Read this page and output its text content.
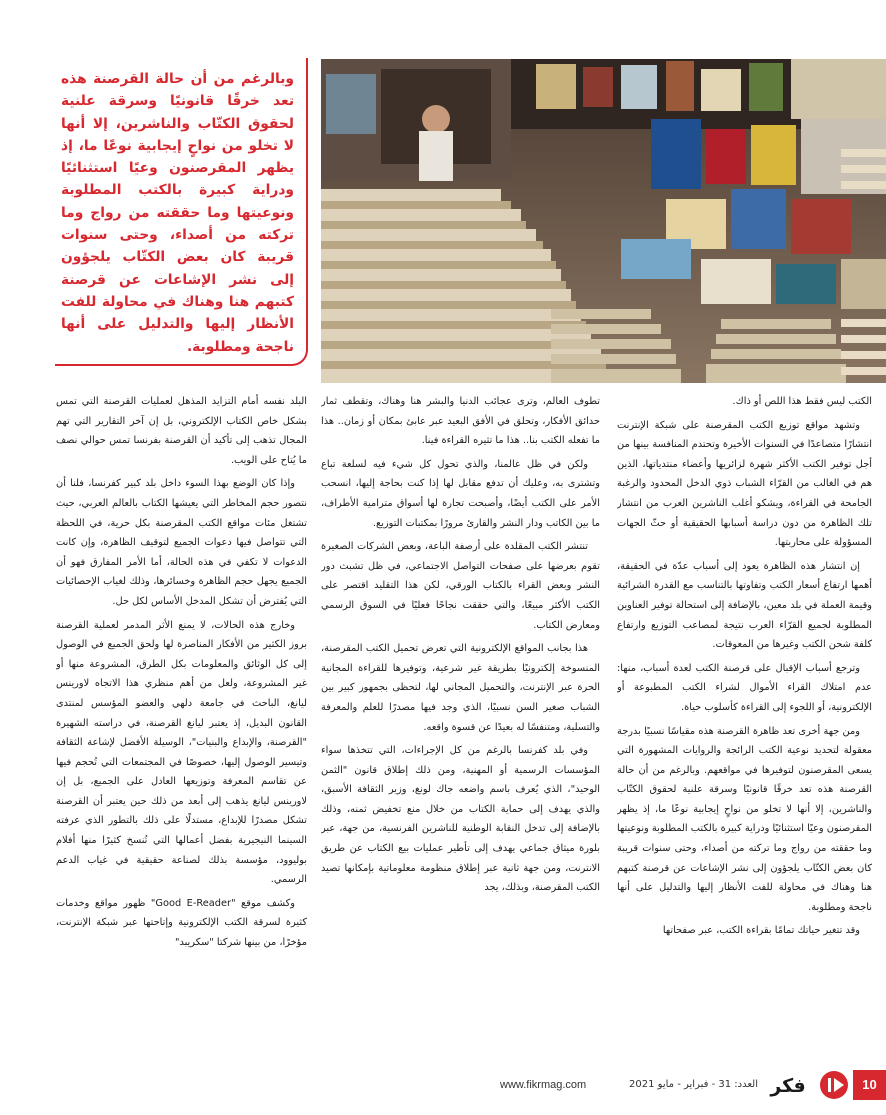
وبالرغم من أن حالة القرصنة هذه تعد خرقًا قانونيًا وسرقة علنية لحقوق الكتّاب والناشرين، إلا أنها لا تخلو من نواحٍ إيجابية نوعًا ما، إذ يظهر المقرصنون وعيًا استثنائيًا ودراية كبيرة بالكتب المطلوبة ونوعيتها وما حققته من رواج وما تركته من أصداء، وحتى سنوات قريبة كان بعض الكتّاب يلجؤون إلى نشر الإشاعات عن قرصنة كتبهم هنا وهناك في محاولة للفت الأنظار إليها والتدليل على أنها ناجحة ومطلوبة.

الكتب ليس فقط هذا اللص أو ذاك.

وتشهد مواقع توزيع الكتب المقرصنة على شبكة الإنترنت انتشارًا متصاعدًا في السنوات الأخيرة وتحتدم المنافسة بينها من أجل توفير الكتب الأكثر شهرة لزائريها وأعضاء منتدياتها، الذين هم في الغالب من القرّاء الشباب ذوي الدخل المحدود والرغبة الجامحة في القراءة، ويشكو أغلب الناشرين العرب من انتشار تلك الظاهرة من دون دراسة أسبابها الحقيقية أو حثّ الجهات المسؤولة على محاربتها.

إن انتشار هذه الظاهرة يعود إلى أسباب عدّة في الحقيقة، أهمها ارتفاع أسعار الكتب وتفاوتها بالتناسب مع القدرة الشرائية وقيمة العملة في بلد معين، بالإضافة إلى استحالة توفير العناوين المطلوبة لجميع القرّاء العرب نتيجة لمصاعب التوزيع وارتفاع كلفة شحن الكتب وغيرها من المعوقات.

وترجع أسباب الإقبال على قرصنة الكتب لعدة أسباب، منها: عدم امتلاك القراء الأموال لشراء الكتب المطبوعة أو الإلكترونية، أو اللجوء إلى القراءة كأسلوب حياة.

ومن جهة أخرى تعد ظاهرة القرصنة هذه مقياسًا نسبيًا بدرجة معقولة لتحديد نوعية الكتب الرائجة والروايات المشهورة التي يسعى المقرصنون لتوفيرها في مواقعهم. وبالرغم من أن حالة القرصنة هذه تعد خرقًا قانونيًا وسرقة علنية لحقوق الكتّاب والناشرين، إلا أنها لا تخلو من نواحٍ إيجابية نوعًا ما، إذ يظهر المقرصنون وعيًا استثنائيًا ودراية كبيرة بالكتب المطلوبة ونوعيتها وما حققته من رواج وما تركته من أصداء، وحتى سنوات قريبة كان بعض الكتّاب يلجؤون إلى نشر الإشاعات عن قرصنة كتبهم هنا وهناك في محاولة للفت الأنظار إليها والتدليل على أنها ناجحة ومطلوبة.

وقد تتغير حياتك تمامًا بقراءة الكتب، عبر صفحاتها

تطوف العالم، وترى عجائب الدنيا والبشر هنا وهناك، وتقطف ثمار حدائق الأفكار، وتحلق في الأفق البعيد عبر عابئ بمكان أو زمان.. هذا ما تفعله الكتب بنا.. هذا ما تثيره القراءة فينا.

ولكن في ظل عالمنا، والذي تحول كل شيء فيه لسلعة تباع وتشترى به، وعليك أن تدفع مقابل لها إذا كنت بحاجة إليها، انسحب الأمر على الكتب أيضًا، وأصبحت تجارة لها أسواق مترامية الأطراف، ما بين الكاتب ودار النشر والقارئ مرورًا بمكتبات التوزيع.

تنتشر الكتب المقلدة على أرصفة الباعة، وبعض الشركات الصغيرة تقوم بعرضها على صفحات التواصل الاجتماعي، في ظل تشبث دور النشر وبعض القراء بالكتاب الورقي، لكن هذا التقليد اقتصر على الكتب الأكثر مبيعًا، والتي حققت نجاحًا فعليًا في السوق الرسمي ومعارض الكتاب.

هذا بجانب المواقع الإلكترونية التي تعرض تحميل الكتب المقرصنة، المنسوخة إلكترونيًا بطريقة غير شرعية، وتوفيرها للقراءة المجانية الحرة عبر الإنترنت، والتحميل المجاني لها، لتحظى بجمهور كبير بين الشباب صغير السن نسبيًا، الذي وجد فيها مصدرًا للعلم والمعرفة والتسلية، ومتنفسًا له بعيدًا عن قسوة واقعه.

وفي بلد كفرنسا بالرغم من كل الإجراءات، التي تتخذها سواء المؤسسات الرسمية أو المهنية، ومن ذلك إطلاق قانون "الثمن الوحيد"، الذي يُعرف باسم واضعه جاك لونغ، وزير الثقافة الأسبق، والذي يهدف إلى حماية الكتاب من خلال منع تخفيض ثمنه، وذلك بالإضافة إلى تدخل النقابة الوطنية للناشرين الفرنسية، من جهة، عبر بلورة ميثاق جماعي يهدف إلى تأطير عمليات بيع الكتاب عن طريق الانترنت، ومن جهة ثانية عبر إطلاق منظومة معلوماتية بإمكانها تصيد الكتب المقرصنة، وبذلك، يجد

البلد نفسه أمام التزايد المذهل لعمليات القرصنة التي تمس بشكل خاص الكتاب الإلكتروني، بل إن آخر التقارير التي تهم المجال تذهب إلى تأكيد أن القرصنة بفرنسا تمس حوالي نصف ما يُتاح على الويب.

وإذا كان الوضع بهذا السوء داخل بلد كبير كفرنسا، فلنا أن نتصور حجم المخاطر التي يعيشها الكتاب بالعالم العربي، حيث تشتغل مئات مواقع الكتب المقرصنة بكل حرية، في اللحظة التي تتواصل فيها دعوات الجميع لتوقيف الظاهرة، وإن كانت الدعوات لا تكفي في هذه الحالة، أما الأمر المفارق فهو أن الجميع يجهل حجم الظاهرة وخسائرها، وذلك لغياب الإحصائيات التي يُفترض أن تشكل المدخل الأساس لكل حل.

وخارج هذه الحالات، لا يمنع الأثر المدمر لعملية القرصنة بروز الكثير من الأفكار المناصرة لها ولحق الجميع في الوصول إلى كل الوثائق والمعلومات بكل الطرق، المشروعة منها أو غير المشروعة، ولعل من أهم منظري هذا الاتجاه لاورينس ليانغ، الباحث في جامعة دلهي والعضو المؤسس لمنتدى القانون البديل، إذ يعتبر ليانغ القرصنة، في دراسته الشهيرة "القرصنة، والإبداع والبنيات"، الوسيلة الأفضل لإشاعة الثقافة وتيسير الوصول إليها، خصوصًا في المجتمعات التي تُحجم فيها عن تقاسم المعرفة وتوزيعها العادل على الجميع، بل إن لاورينس ليانغ يذهب إلى أبعد من ذلك حين يعتبر أن القرصنة تشكل مصدرًا للإبداع، مستدلًا على ذلك بالتطور الذي عرفته السينما النيجيرية بفضل أعمالها التي تُنسخ كثيرًا منها أفلام بوليوود، مؤسسة بذلك لصناعة حقيقية في غياب الدعم الرسمي.

وكشف موقع "Good E-Reader" ظهور مواقع وخدمات كثيرة لسرقة الكتب الإلكترونية وإتاحتها عبر شبكة الإنترنت، مؤخرًا، من بينها شركتا "سكريبد"

10
فكر
العدد: 31 - فبراير - مايو 2021
www.fikrmag.com
